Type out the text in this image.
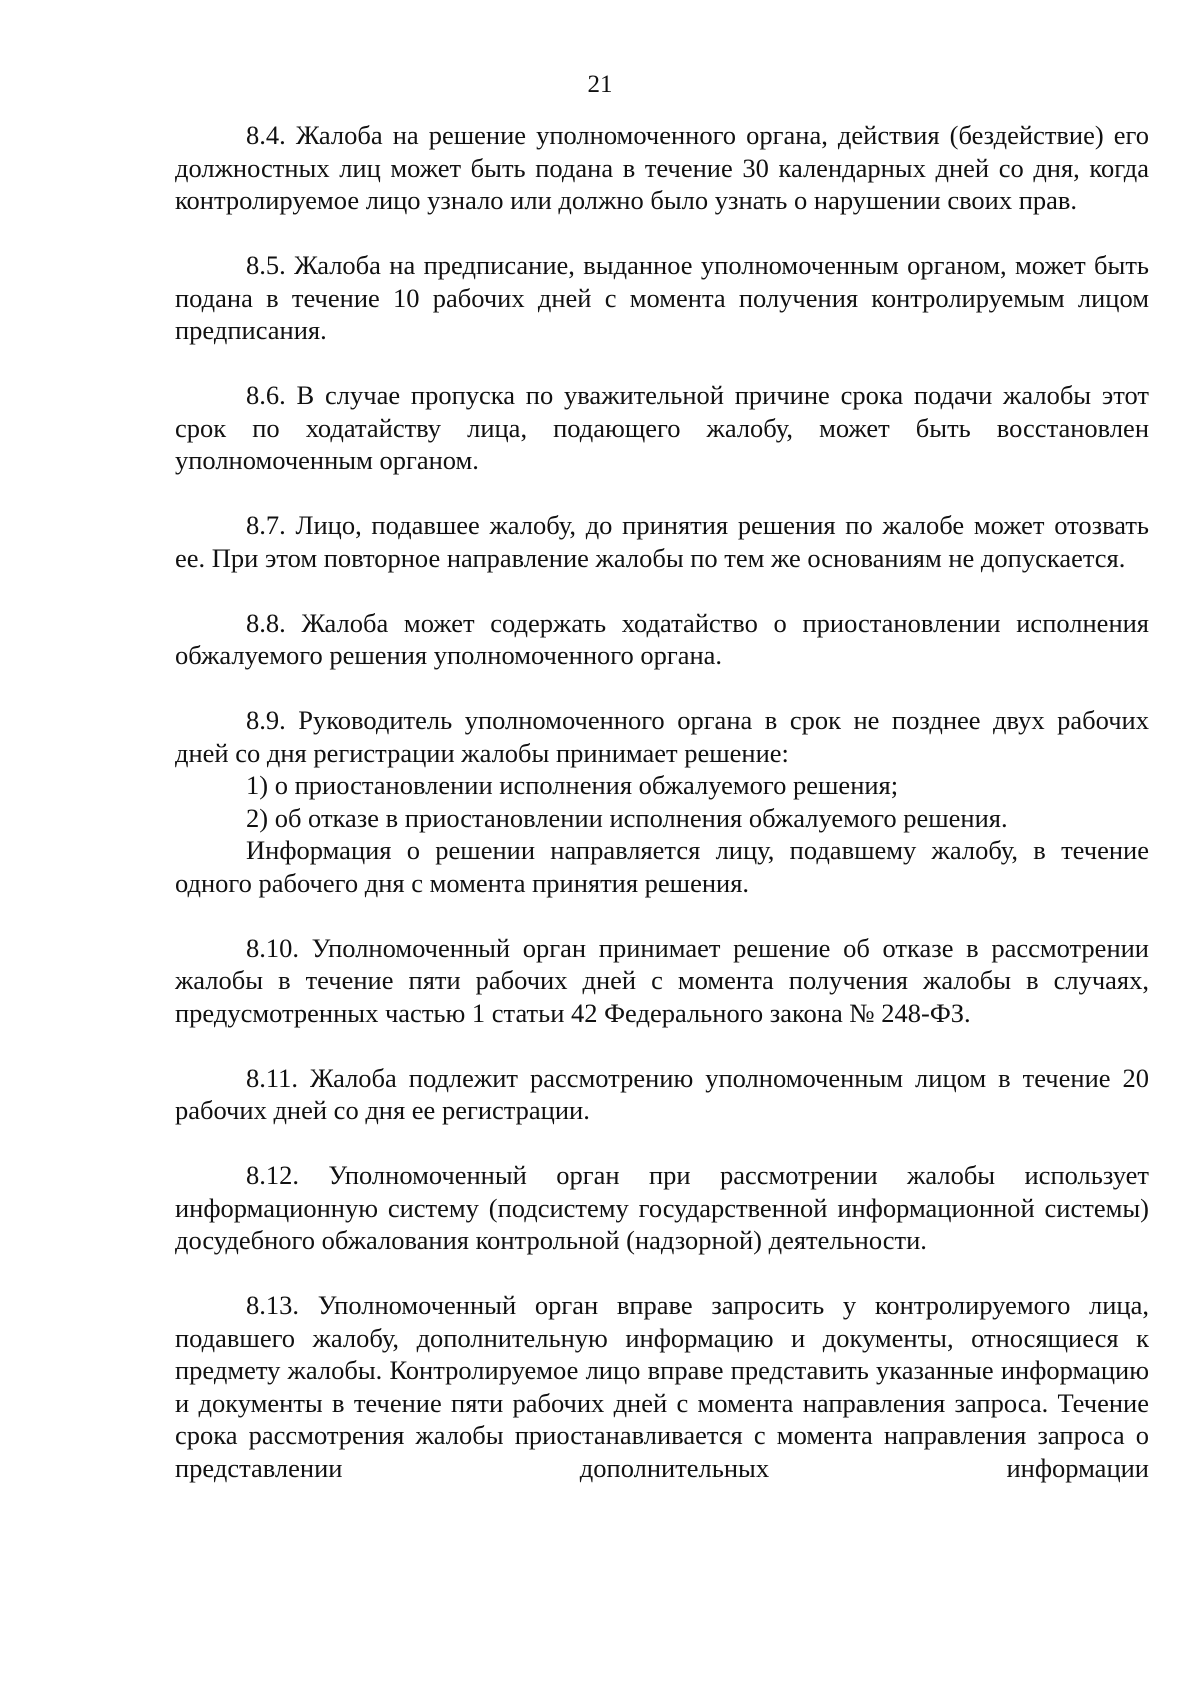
21

8.4. Жалоба на решение уполномоченного органа, действия (бездействие) его должностных лиц может быть подана в течение 30 календарных дней со дня, когда контролируемое лицо узнало или должно было узнать о нарушении своих прав.

8.5. Жалоба на предписание, выданное уполномоченным органом, может быть подана в течение 10 рабочих дней с момента получения контролируемым лицом предписания.

8.6. В случае пропуска по уважительной причине срока подачи жалобы этот срок по ходатайству лица, подающего жалобу, может быть восстановлен уполномоченным органом.

8.7. Лицо, подавшее жалобу, до принятия решения по жалобе может отозвать ее. При этом повторное направление жалобы по тем же основаниям не допускается.

8.8. Жалоба может содержать ходатайство о приостановлении исполнения обжалуемого решения уполномоченного органа.

8.9. Руководитель уполномоченного органа в срок не позднее двух рабочих дней со дня регистрации жалобы принимает решение:

1) о приостановлении исполнения обжалуемого решения;

2) об отказе в приостановлении исполнения обжалуемого решения.

Информация о решении направляется лицу, подавшему жалобу, в течение одного рабочего дня с момента принятия решения.

8.10. Уполномоченный орган принимает решение об отказе в рассмотрении жалобы в течение пяти рабочих дней с момента получения жалобы в случаях, предусмотренных частью 1 статьи 42 Федерального закона № 248-ФЗ.

8.11. Жалоба подлежит рассмотрению уполномоченным лицом в течение 20 рабочих дней со дня ее регистрации.

8.12. Уполномоченный орган при рассмотрении жалобы использует информационную систему (подсистему государственной информационной системы) досудебного обжалования контрольной (надзорной) деятельности.

8.13. Уполномоченный орган вправе запросить у контролируемого лица, подавшего жалобу, дополнительную информацию и документы, относящиеся к предмету жалобы. Контролируемое лицо вправе представить указанные информацию и документы в течение пяти рабочих дней с момента направления запроса. Течение срока рассмотрения жалобы приостанавливается с момента направления запроса о представлении дополнительных информации
